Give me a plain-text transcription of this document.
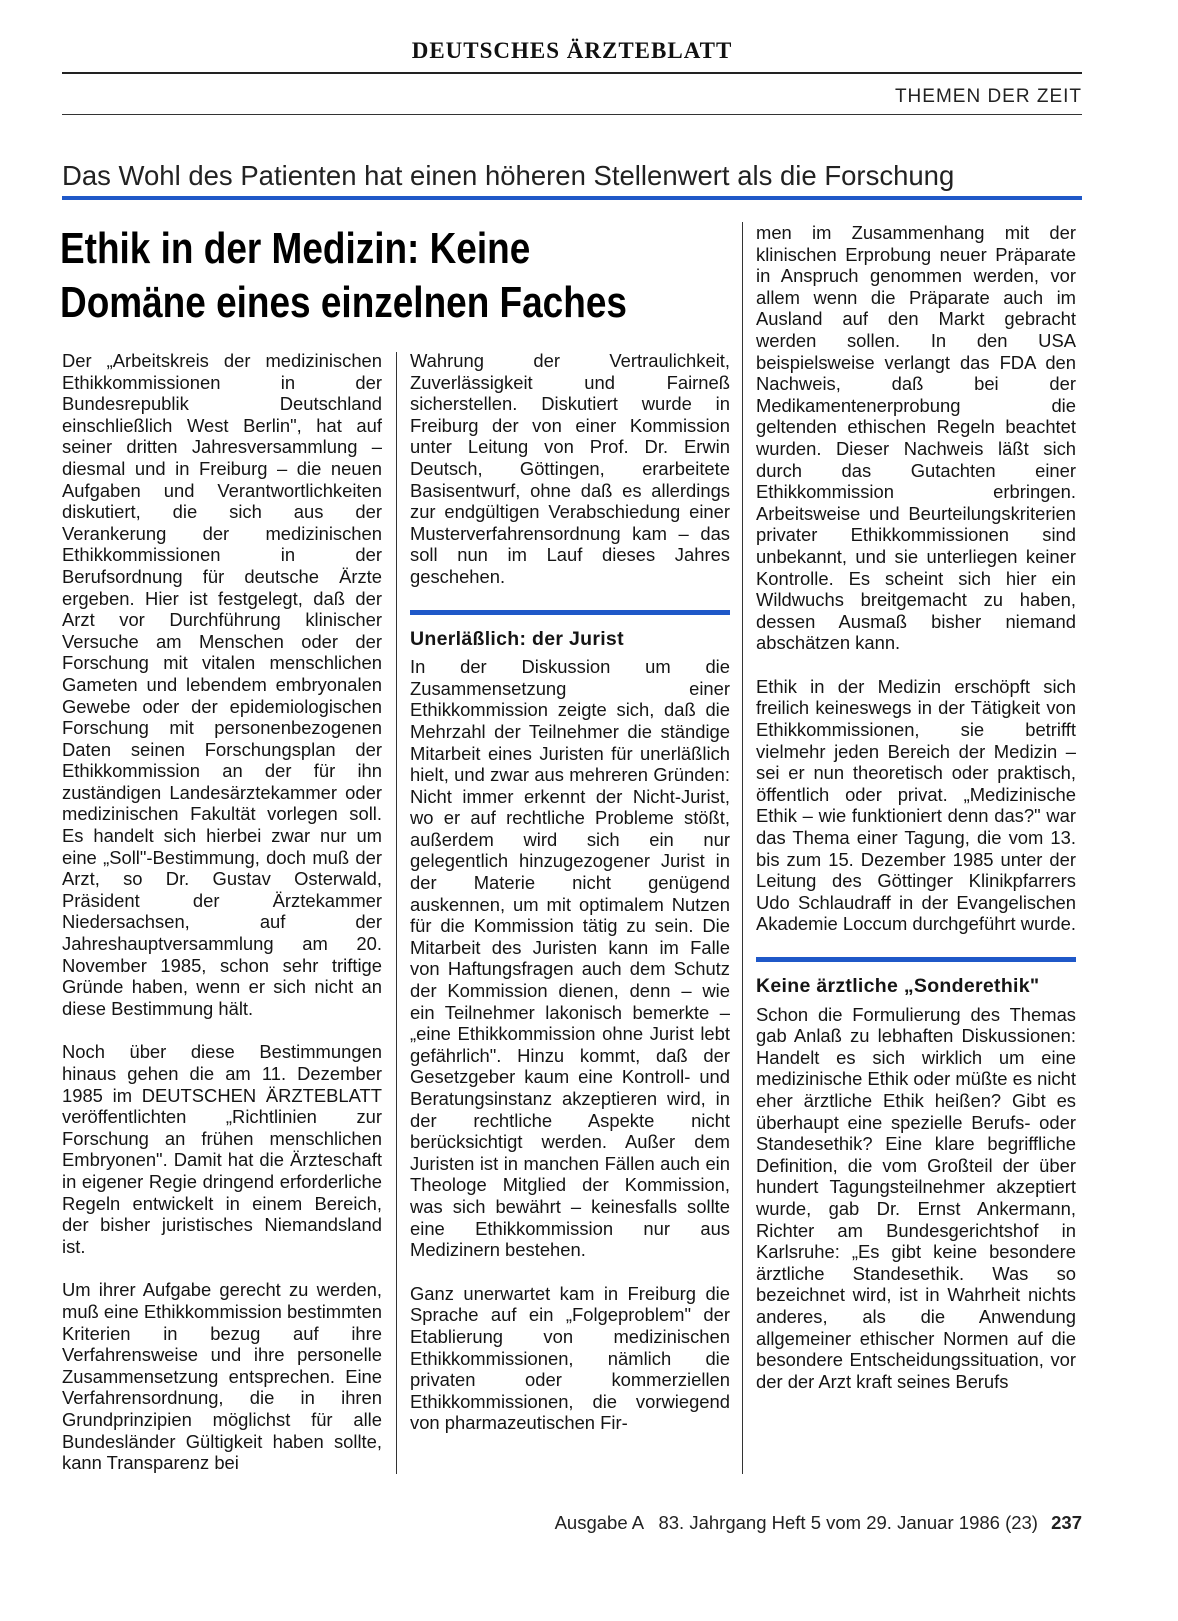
DEUTSCHES ÄRZTEBLATT
THEMEN DER ZEIT
Das Wohl des Patienten hat einen höheren Stellenwert als die Forschung
Ethik in der Medizin: Keine
Domäne eines einzelnen Faches

Der „Arbeitskreis der medizinischen Ethikkommissionen in der Bundesrepublik Deutschland einschließlich West Berlin", hat auf seiner dritten Jahresversammlung – diesmal und in Freiburg – die neuen Aufgaben und Verantwortlichkeiten diskutiert, die sich aus der Verankerung der medizinischen Ethikkommissionen in der Berufsordnung für deutsche Ärzte ergeben. Hier ist festgelegt, daß der Arzt vor Durchführung klinischer Versuche am Menschen oder der Forschung mit vitalen menschlichen Gameten und lebendem embryonalen Gewebe oder der epidemiologischen Forschung mit personenbezogenen Daten seinen Forschungsplan der Ethikkommission an der für ihn zuständigen Landesärztekammer oder medizinischen Fakultät vorlegen soll. Es handelt sich hierbei zwar nur um eine „Soll"-Bestimmung, doch muß der Arzt, so Dr. Gustav Osterwald, Präsident der Ärztekammer Niedersachsen, auf der Jahreshauptversammlung am 20. November 1985, schon sehr triftige Gründe haben, wenn er sich nicht an diese Bestimmung hält.

Noch über diese Bestimmungen hinaus gehen die am 11. Dezember 1985 im DEUTSCHEN ÄRZTEBLATT veröffentlichten „Richtlinien zur Forschung an frühen menschlichen Embryonen". Damit hat die Ärzteschaft in eigener Regie dringend erforderliche Regeln entwickelt in einem Bereich, der bisher juristisches Niemandsland ist.

Um ihrer Aufgabe gerecht zu werden, muß eine Ethikkommission bestimmten Kriterien in bezug auf ihre Verfahrensweise und ihre personelle Zusammensetzung entsprechen. Eine Verfahrensordnung, die in ihren Grundprinzipien möglichst für alle Bundesländer Gültigkeit haben sollte, kann Transparenz bei

Wahrung der Vertraulichkeit, Zuverlässigkeit und Fairneß sicherstellen. Diskutiert wurde in Freiburg der von einer Kommission unter Leitung von Prof. Dr. Erwin Deutsch, Göttingen, erarbeitete Basisentwurf, ohne daß es allerdings zur endgültigen Verabschiedung einer Musterverfahrensordnung kam – das soll nun im Lauf dieses Jahres geschehen.

Unerläßlich: der Jurist

In der Diskussion um die Zusammensetzung einer Ethikkommission zeigte sich, daß die Mehrzahl der Teilnehmer die ständige Mitarbeit eines Juristen für unerläßlich hielt, und zwar aus mehreren Gründen: Nicht immer erkennt der Nicht-Jurist, wo er auf rechtliche Probleme stößt, außerdem wird sich ein nur gelegentlich hinzugezogener Jurist in der Materie nicht genügend auskennen, um mit optimalem Nutzen für die Kommission tätig zu sein. Die Mitarbeit des Juristen kann im Falle von Haftungsfragen auch dem Schutz der Kommission dienen, denn – wie ein Teilnehmer lakonisch bemerkte – „eine Ethikkommission ohne Jurist lebt gefährlich". Hinzu kommt, daß der Gesetzgeber kaum eine Kontroll- und Beratungsinstanz akzeptieren wird, in der rechtliche Aspekte nicht berücksichtigt werden. Außer dem Juristen ist in manchen Fällen auch ein Theologe Mitglied der Kommission, was sich bewährt – keinesfalls sollte eine Ethikkommission nur aus Medizinern bestehen.

Ganz unerwartet kam in Freiburg die Sprache auf ein „Folgeproblem" der Etablierung von medizinischen Ethikkommissionen, nämlich die privaten oder kommerziellen Ethikkommissionen, die vorwiegend von pharmazeutischen Fir-

men im Zusammenhang mit der klinischen Erprobung neuer Präparate in Anspruch genommen werden, vor allem wenn die Präparate auch im Ausland auf den Markt gebracht werden sollen. In den USA beispielsweise verlangt das FDA den Nachweis, daß bei der Medikamentenerprobung die geltenden ethischen Regeln beachtet wurden. Dieser Nachweis läßt sich durch das Gutachten einer Ethikkommission erbringen. Arbeitsweise und Beurteilungskriterien privater Ethikkommissionen sind unbekannt, und sie unterliegen keiner Kontrolle. Es scheint sich hier ein Wildwuchs breitgemacht zu haben, dessen Ausmaß bisher niemand abschätzen kann.

Ethik in der Medizin erschöpft sich freilich keineswegs in der Tätigkeit von Ethikkommissionen, sie betrifft vielmehr jeden Bereich der Medizin – sei er nun theoretisch oder praktisch, öffentlich oder privat. „Medizinische Ethik – wie funktioniert denn das?" war das Thema einer Tagung, die vom 13. bis zum 15. Dezember 1985 unter der Leitung des Göttinger Klinikpfarrers Udo Schlaudraff in der Evangelischen Akademie Loccum durchgeführt wurde.

Keine ärztliche „Sonderethik"

Schon die Formulierung des Themas gab Anlaß zu lebhaften Diskussionen: Handelt es sich wirklich um eine medizinische Ethik oder müßte es nicht eher ärztliche Ethik heißen? Gibt es überhaupt eine spezielle Berufs- oder Standesethik? Eine klare begriffliche Definition, die vom Großteil der über hundert Tagungsteilnehmer akzeptiert wurde, gab Dr. Ernst Ankermann, Richter am Bundesgerichtshof in Karlsruhe: „Es gibt keine besondere ärztliche Standesethik. Was so bezeichnet wird, ist in Wahrheit nichts anderes, als die Anwendung allgemeiner ethischer Normen auf die besondere Entscheidungssituation, vor der der Arzt kraft seines Berufs

Ausgabe A   83. Jahrgang Heft 5 vom 29. Januar 1986 (23) 237
